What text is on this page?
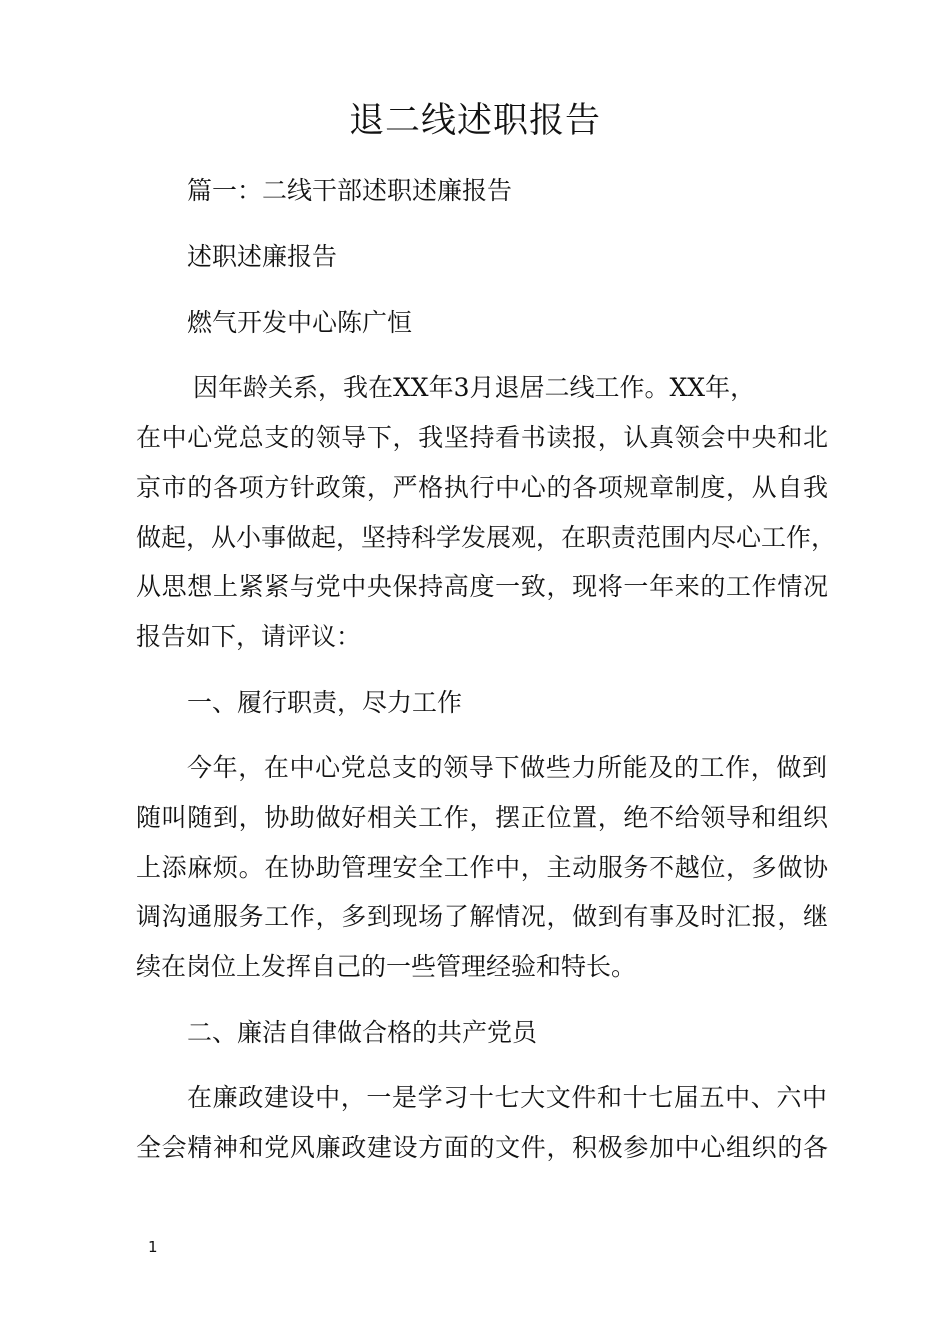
退二线述职报告
篇一：二线干部述职述廉报告
述职述廉报告
燃气开发中心陈广恒
因年龄关系，我在XX年3月退居二线工作。XX年，
在中心党总支的领导下，我坚持看书读报，认真领会中央和北
京市的各项方针政策，严格执行中心的各项规章制度，从自我
做起，从小事做起，坚持科学发展观，在职责范围内尽心工作，
从思想上紧紧与党中央保持高度一致，现将一年来的工作情况
报告如下，请评议：
一、履行职责，尽力工作
今年，在中心党总支的领导下做些力所能及的工作，做到
随叫随到，协助做好相关工作，摆正位置，绝不给领导和组织
上添麻烦。在协助管理安全工作中，主动服务不越位，多做协
调沟通服务工作，多到现场了解情况，做到有事及时汇报，继
续在岗位上发挥自己的一些管理经验和特长。
二、廉洁自律做合格的共产党员
在廉政建设中，一是学习十七大文件和十七届五中、六中
全会精神和党风廉政建设方面的文件，积极参加中心组织的各
1
